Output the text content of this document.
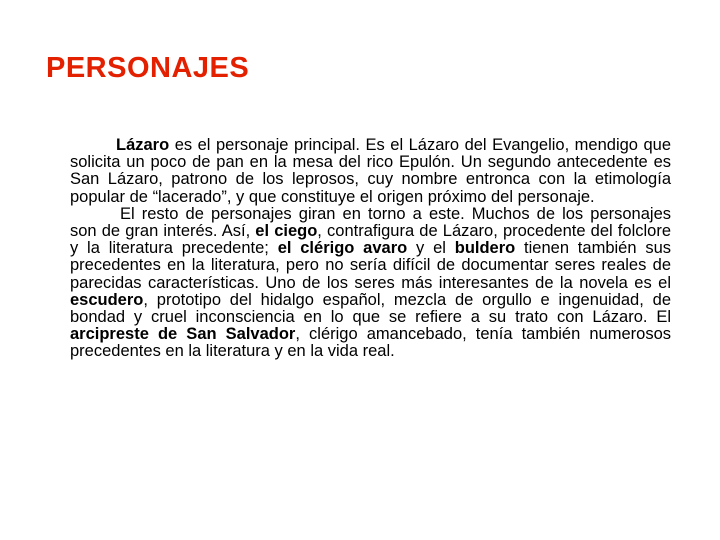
PERSONAJES

Lázaro es el personaje principal. Es el Lázaro del Evangelio, mendigo que solicita un poco de pan en la mesa del rico Epulón. Un segundo antecedente es San Lázaro, patrono de los leprosos, cuy nombre entronca con la etimología popular de “lacerado”, y que constituye el origen próximo del personaje.

El resto de personajes giran en torno a este. Muchos de los personajes son de gran interés. Así, el ciego, contrafigura de Lázaro, procedente del folclore y la literatura precedente; el clérigo avaro y el buldero tienen también sus precedentes en la literatura, pero no sería difícil de documentar seres reales de parecidas características. Uno de los seres más interesantes de la novela es el escudero, prototipo del hidalgo español, mezcla de orgullo e ingenuidad, de bondad y cruel inconsciencia en lo que se refiere a su trato con Lázaro. El arcipreste de San Salvador, clérigo amancebado, tenía también numerosos precedentes en la literatura y en la vida real.
